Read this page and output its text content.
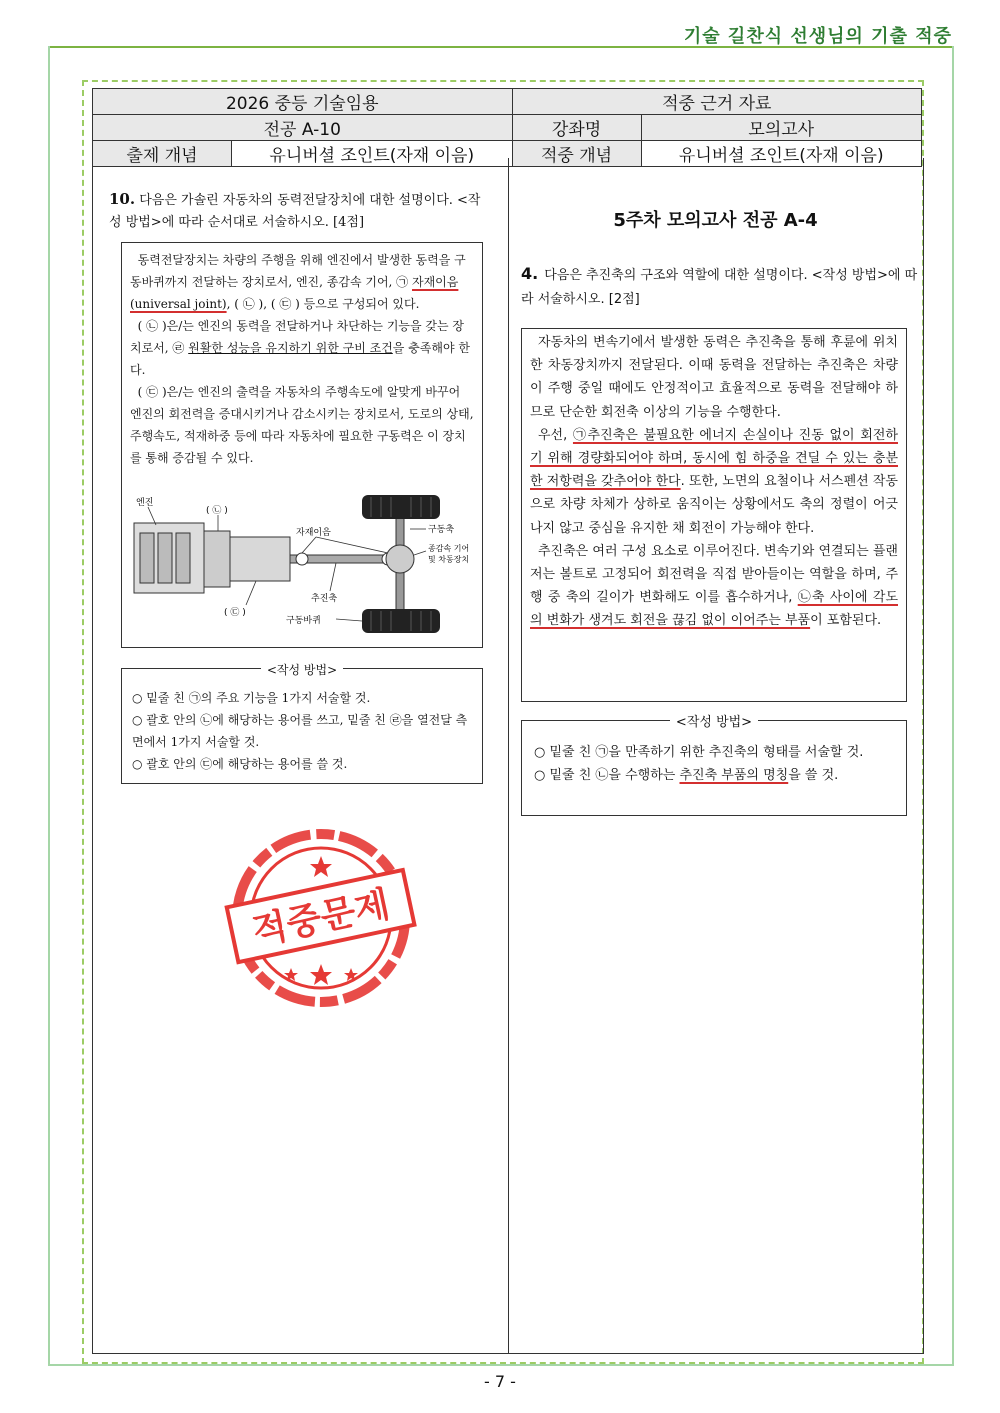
기술 길찬식 선생님의 기출 적중
2026 중등 기술임용		적중 근거 자료	
전공 A-10		강좌명	모의고사
출제 개념	유니버셜 조인트(자재 이음)	적중 개념	유니버셜 조인트(자재 이음)
10. 다음은 가솔린 자동차의 동력전달장치에 대한 설명이다. <작성 방법>에 따라 순서대로 서술하시오. [4점]
동력전달장치는 차량의 주행을 위해 엔진에서 발생한 동력을 구동바퀴까지 전달하는 장치로서, 엔진, 종감속 기어, ㉠ 자재이음 (universal joint), ( ㉡ ), ( ㉢ ) 등으로 구성되어 있다.
( ㉡ )은/는 엔진의 동력을 전달하거나 차단하는 기능을 갖는 장치로서, ㉣ 원활한 성능을 유지하기 위한 구비 조건을 충족해야 한다.
( ㉢ )은/는 엔진의 출력을 자동차의 주행속도에 알맞게 바꾸어 엔진의 회전력을 증대시키거나 감소시키는 장치로서, 도로의 상태, 주행속도, 적재하중 등에 따라 자동차에 필요한 구동력은 이 장치를 통해 증감될 수 있다.
엔진
( ㉡ )
자재이음	구동축
종감속 기어
및 차동장치
추진축
( ㉢ )
구동바퀴
<작성 방법>
○ 밑줄 친 ㉠의 주요 기능을 1가지 서술할 것.
○ 괄호 안의 ㉡에 해당하는 용어를 쓰고, 밑줄 친 ㉣을 열전달 측면에서 1가지 서술할 것.
○ 괄호 안의 ㉢에 해당하는 용어를 쓸 것.
적중문제
5주차 모의고사 전공 A-4
4. 다음은 추진축의 구조와 역할에 대한 설명이다. <작성 방법>에 따라 서술하시오. [2점]

자동차의 변속기에서 발생한 동력은 추진축을 통해 후륜에 위치한 차동장치까지 전달된다. 이때 동력을 전달하는 추진축은 차량이 주행 중일 때에도 안정적이고 효율적으로 동력을 전달해야 하므로 단순한 회전축 이상의 기능을 수행한다.

우선, ㉠추진축은 불필요한 에너지 손실이나 진동 없이 회전하기 위해 경량화되어야 하며, 동시에 힘 하중을 견딜 수 있는 충분한 저항력을 갖추어야 한다. 또한, 노면의 요철이나 서스펜션 작동으로 차량 차체가 상하로 움직이는 상황에서도 축의 정렬이 어긋나지 않고 중심을 유지한 채 회전이 가능해야 한다.

추진축은 여러 구성 요소로 이루어진다. 변속기와 연결되는 플랜저는 볼트로 고정되어 회전력을 직접 받아들이는 역할을 하며, 주행 중 축의 길이가 변화해도 이를 흡수하거나, ㉡축 사이에 각도의 변화가 생겨도 회전을 끊김 없이 이어주는 부품이 포함된다.

<작성 방법>
○ 밑줄 친 ㉠을 만족하기 위한 추진축의 형태를 서술할 것.
○ 밑줄 친 ㉡을 수행하는 추진축 부품의 명칭을 쓸 것.
- 7 -
